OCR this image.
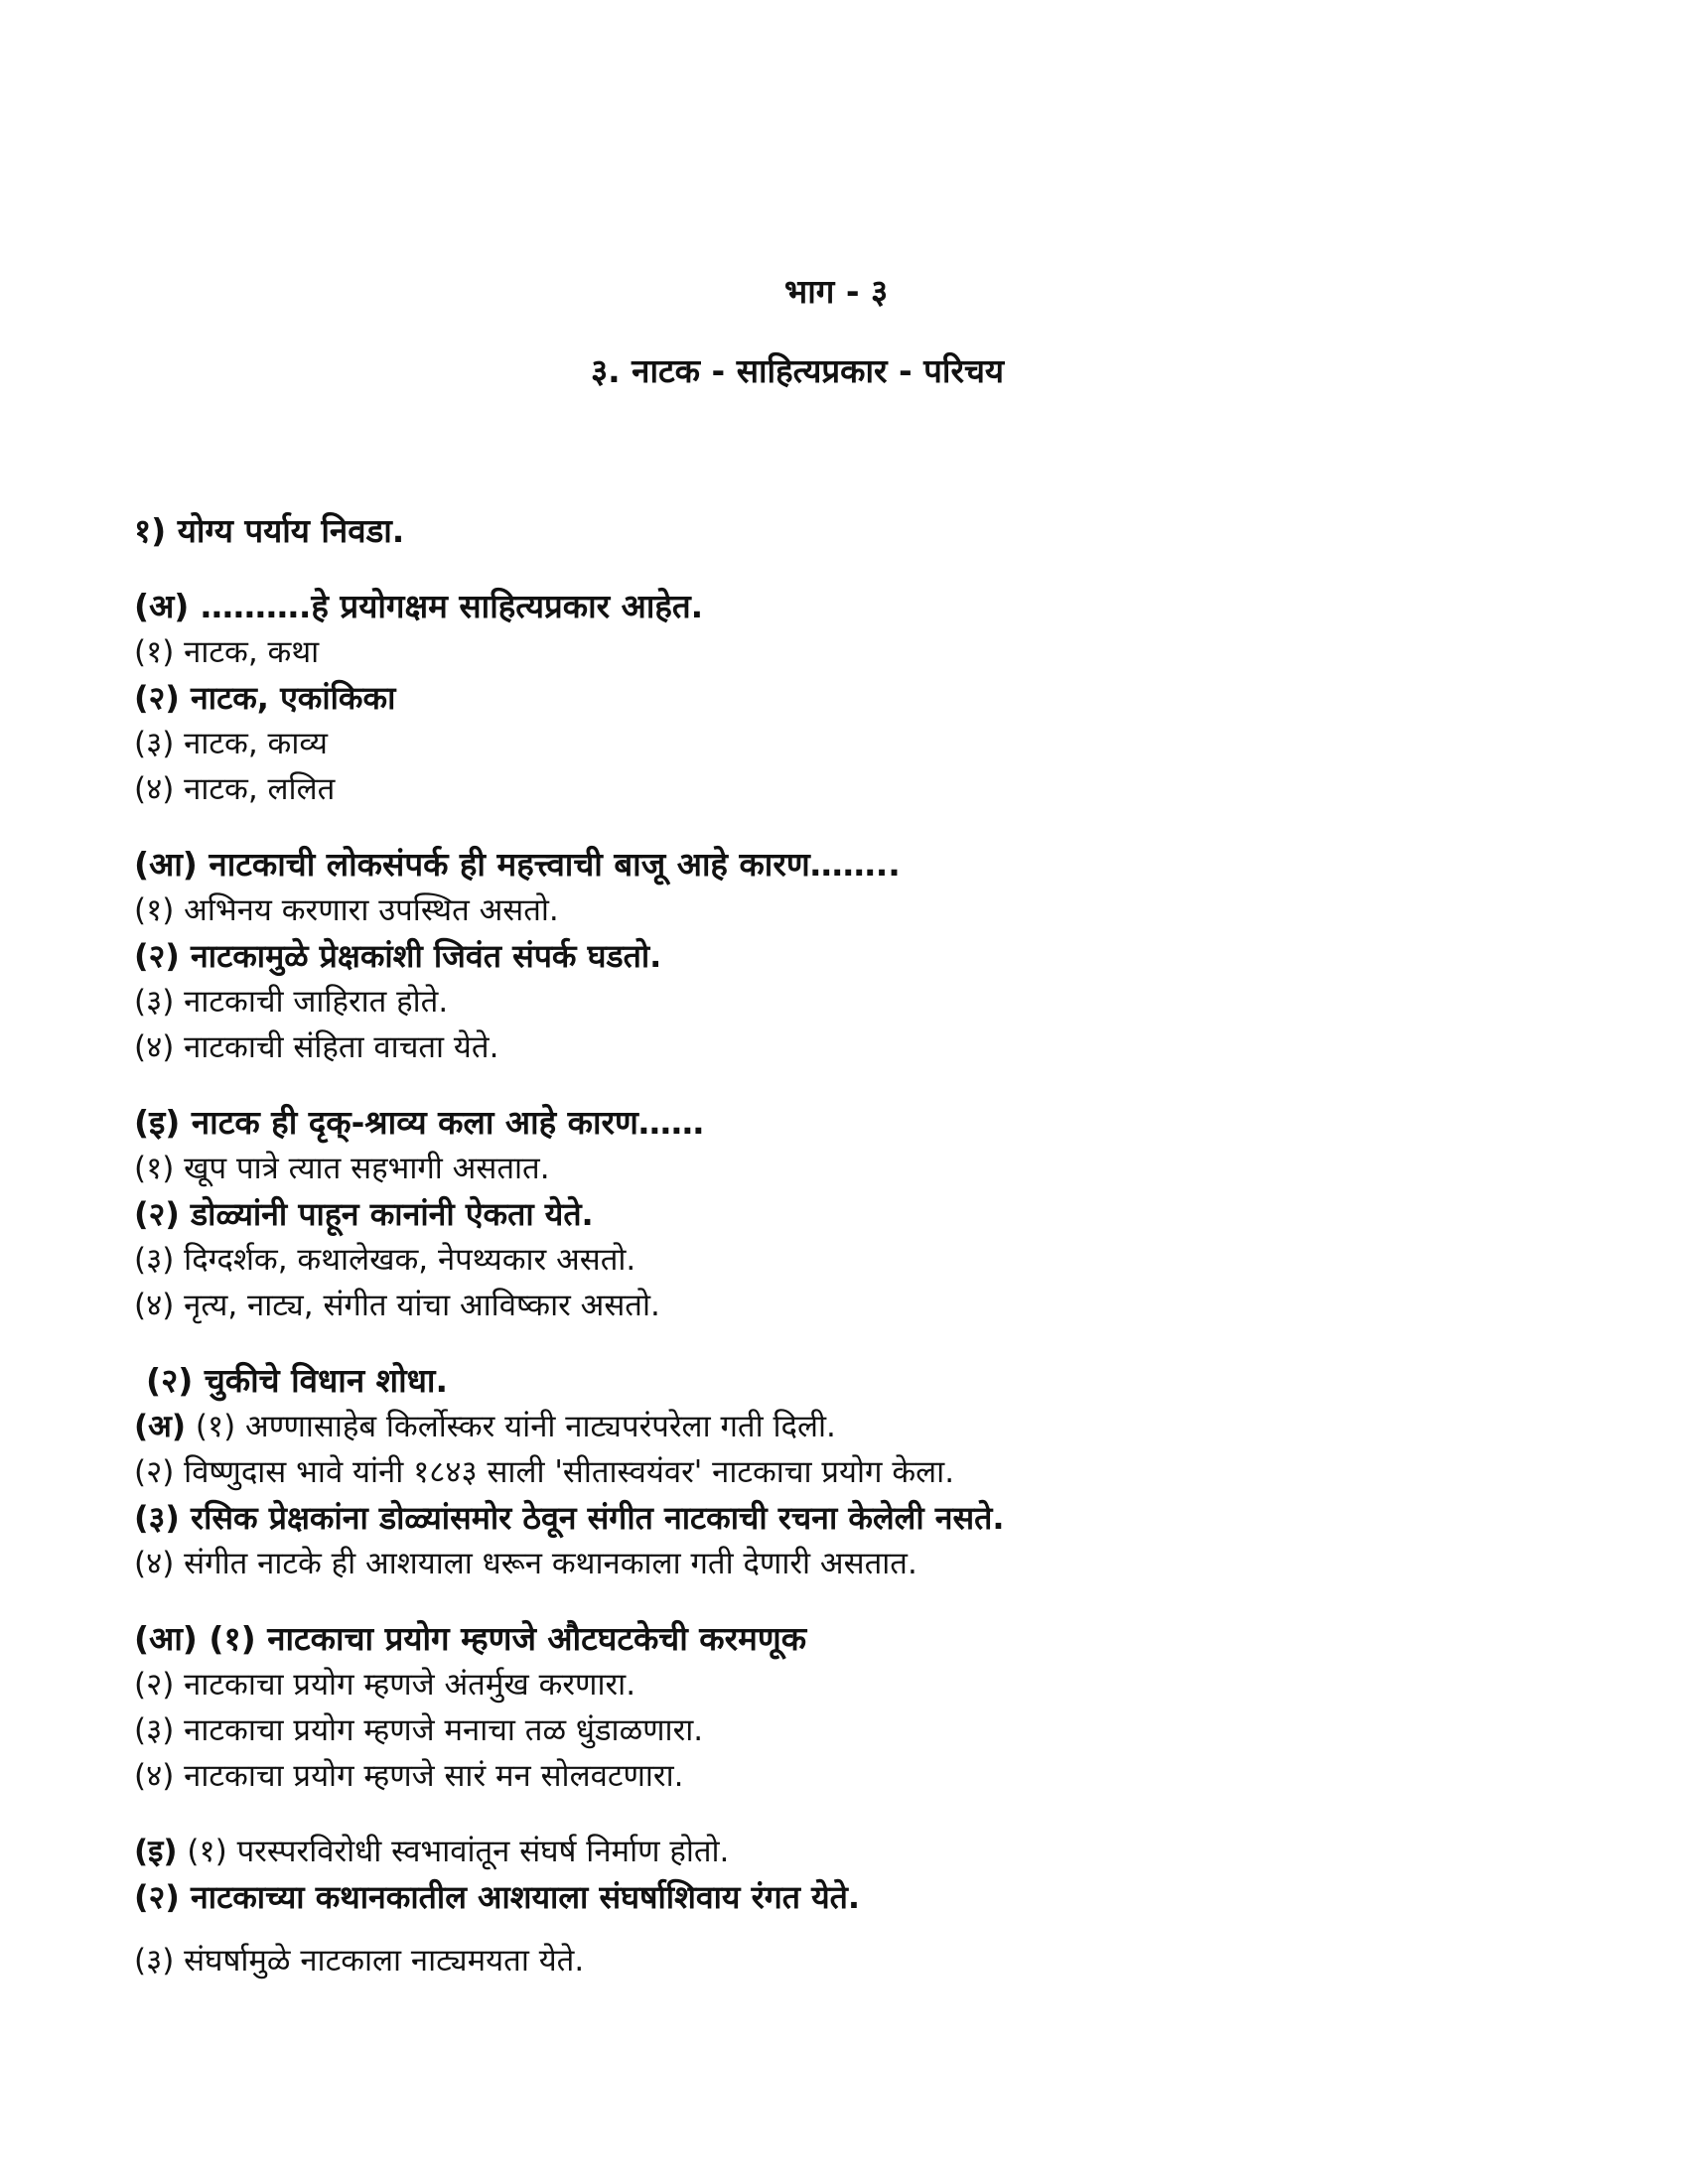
भाग - ३
३. नाटक - साहित्यप्रकार - परिचय
१) योग्य पर्याय निवडा.
(अ) ……….हे प्रयोगक्षम साहित्यप्रकार आहेत.
(१) नाटक, कथा
(२) नाटक, एकांकिका
(३) नाटक, काव्य
(४) नाटक, ललित
(आ) नाटकाची लोकसंपर्क ही महत्त्वाची बाजू आहे कारण……..
(१) अभिनय करणारा उपस्थित असतो.
(२) नाटकामुळे प्रेक्षकांशी जिवंत संपर्क घडतो.
(३) नाटकाची जाहिरात होते.
(४) नाटकाची संहिता वाचता येते.
(इ) नाटक ही दृक्-श्राव्य कला आहे कारण……
(१) खूप पात्रे त्यात सहभागी असतात.
(२) डोळ्यांनी पाहून कानांनी ऐकता येते.
(३) दिग्दर्शक, कथालेखक, नेपथ्यकार असतो.
(४) नृत्य, नाट्य, संगीत यांचा आविष्कार असतो.
(२) चुकीचे विधान शोधा.
(अ) (१) अण्णासाहेब किर्लोस्कर यांनी नाट्यपरंपरेला गती दिली.
(२) विष्णुदास भावे यांनी १८४३ साली 'सीतास्वयंवर' नाटकाचा प्रयोग केला.
(३) रसिक प्रेक्षकांना डोळ्यांसमोर ठेवून संगीत नाटकाची रचना केलेली नसते.
(४) संगीत नाटके ही आशयाला धरून कथानकाला गती देणारी असतात.
(आ) (१) नाटकाचा प्रयोग म्हणजे औटघटकेची करमणूक
(२) नाटकाचा प्रयोग म्हणजे अंतर्मुख करणारा.
(३) नाटकाचा प्रयोग म्हणजे मनाचा तळ धुंडाळणारा.
(४) नाटकाचा प्रयोग म्हणजे सारं मन सोलवटणारा.
(इ) (१) परस्परविरोधी स्वभावांतून संघर्ष निर्माण होतो.
(२) नाटकाच्या कथानकातील आशयाला संघर्षाशिवाय रंगत येते.
(३) संघर्षामुळे नाटकाला नाट्यमयता येते.
